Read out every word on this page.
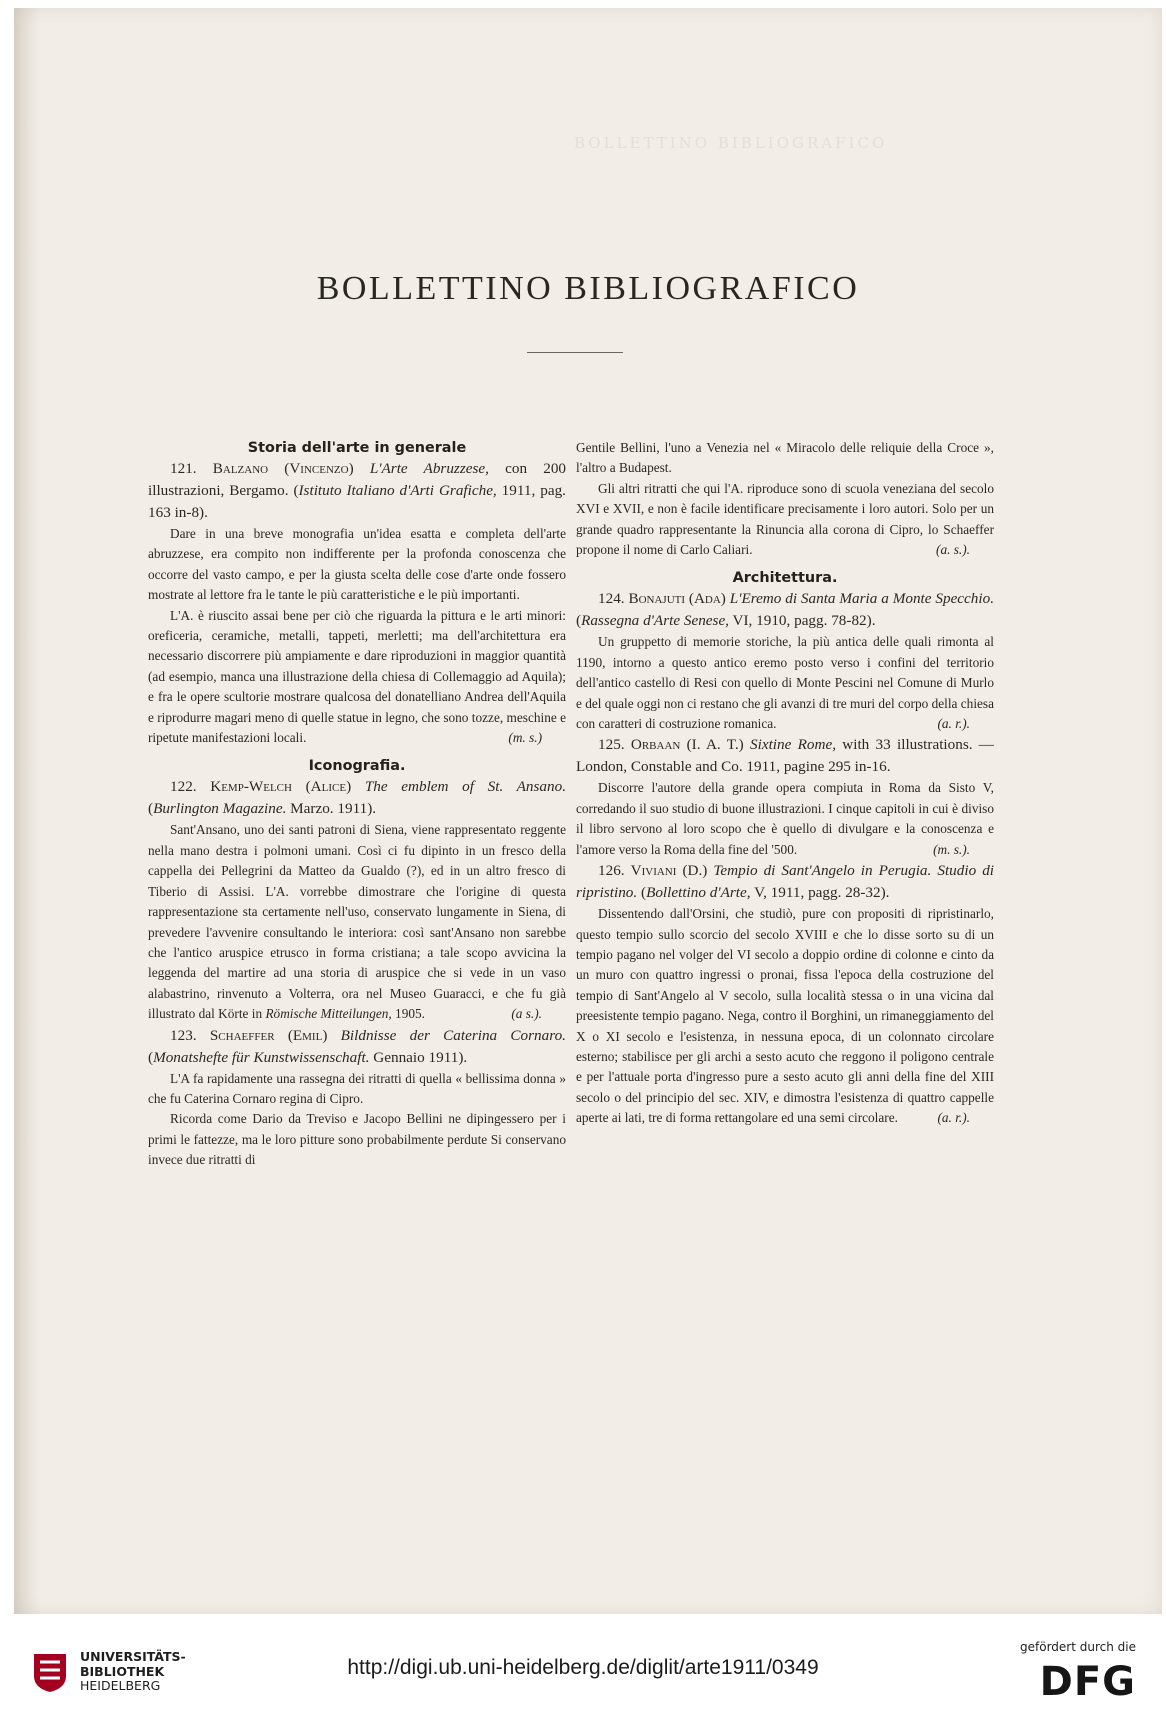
BOLLETTINO BIBLIOGRAFICO
BOLLETTINO BIBLIOGRAFICO
Storia dell'arte in generale

121. Balzano (Vincenzo) L'Arte Abruzzese, con 200 illustrazioni, Bergamo. (Istituto Italiano d'Arti Grafiche, 1911, pag. 163 in-8).

Dare in una breve monografia un'idea esatta e completa dell'arte abruzzese, era compito non indifferente per la profonda conoscenza che occorre del vasto campo, e per la giusta scelta delle cose d'arte onde fossero mostrate al lettore fra le tante le più caratteristiche e le più importanti.

L'A. è riuscito assai bene per ciò che riguarda la pittura e le arti minori: oreficeria, ceramiche, metalli, tappeti, merletti; ma dell'architettura era necessario discorrere più ampiamente e dare riproduzioni in maggior quantità (ad esempio, manca una illustrazione della chiesa di Collemaggio ad Aquila); e fra le opere scultorie mostrare qualcosa del donatelliano Andrea dell'Aquila e riprodurre magari meno di quelle statue in legno, che sono tozze, meschine e ripetute manifestazioni locali.	(m. s.)

Iconografia.

122. Kemp-Welch (Alice) The emblem of St. Ansano. (Burlington Magazine. Marzo. 1911).

Sant'Ansano, uno dei santi patroni di Siena, viene rappresentato reggente nella mano destra i polmoni umani. Così ci fu dipinto in un fresco della cappella dei Pellegrini da Matteo da Gualdo (?), ed in un altro fresco di Tiberio di Assisi. L'A. vorrebbe dimostrare che l'origine di questa rappresentazione sta certamente nell'uso, conservato lungamente in Siena, di prevedere l'avvenire consultando le interiora: così sant'Ansano non sarebbe che l'antico aruspice etrusco in forma cristiana; a tale scopo avvicina la leggenda del martire ad una storia di aruspice che si vede in un vaso alabastrino, rinvenuto a Volterra, ora nel Museo Guaracci, e che fu già illustrato dal Körte in Römische Mitteilungen, 1905.	(a s.).

123. Schaeffer (Emil) Bildnisse der Caterina Cornaro. (Monatshefte für Kunstwissenschaft. Gennaio 1911).

L'A fa rapidamente una rassegna dei ritratti di quella « bellissima donna » che fu Caterina Cornaro regina di Cipro.

Ricorda come Dario da Treviso e Jacopo Bellini ne dipingessero per i primi le fattezze, ma le loro pitture sono probabilmente perdute Si conservano invece due ritratti di

Gentile Bellini, l'uno a Venezia nel « Miracolo delle reliquie della Croce », l'altro a Budapest.

Gli altri ritratti che qui l'A. riproduce sono di scuola veneziana del secolo XVI e XVII, e non è facile identificare precisamente i loro autori. Solo per un grande quadro rappresentante la Rinuncia alla corona di Cipro, lo Schaeffer propone il nome di Carlo Caliari.	(a. s.).

Architettura.

124. Bonajuti (Ada) L'Eremo di Santa Maria a Monte Specchio. (Rassegna d'Arte Senese, VI, 1910, pagg. 78-82).

Un gruppetto di memorie storiche, la più antica delle quali rimonta al 1190, intorno a questo antico eremo posto verso i confini del territorio dell'antico castello di Resi con quello di Monte Pescini nel Comune di Murlo e del quale oggi non ci restano che gli avanzi di tre muri del corpo della chiesa con caratteri di costruzione romanica.	(a. r.).

125. Orbaan (I. A. T.) Sixtine Rome, with 33 illustrations. — London, Constable and Co. 1911, pagine 295 in-16.

Discorre l'autore della grande opera compiuta in Roma da Sisto V, corredando il suo studio di buone illustrazioni. I cinque capitoli in cui è diviso il libro servono al loro scopo che è quello di divulgare e la conoscenza e l'amore verso la Roma della fine del '500.	(m. s.).

126. Viviani (D.) Tempio di Sant'Angelo in Perugia. Studio di ripristino. (Bollettino d'Arte, V, 1911, pagg. 28-32).

Dissentendo dall'Orsini, che studiò, pure con propositi di ripristinarlo, questo tempio sullo scorcio del secolo XVIII e che lo disse sorto su di un tempio pagano nel volger del VI secolo a doppio ordine di colonne e cinto da un muro con quattro ingressi o pronai, fissa l'epoca della costruzione del tempio di Sant'Angelo al V secolo, sulla località stessa o in una vicina dal preesistente tempio pagano. Nega, contro il Borghini, un rimaneggiamento del X o XI secolo e l'esistenza, in nessuna epoca, di un colonnato circolare esterno; stabilisce per gli archi a sesto acuto che reggono il poligono centrale e per l'attuale porta d'ingresso pure a sesto acuto gli anni della fine del XIII secolo o del principio del sec. XIV, e dimostra l'esistenza di quattro cappelle aperte ai lati, tre di forma rettangolare ed una semi circolare.	(a. r.).

UNIVERSITÄTS-
BIBLIOTHEK
HEIDELBERG
http://digi.ub.uni-heidelberg.de/diglit/arte1911/0349
gefördert durch die
DFG
